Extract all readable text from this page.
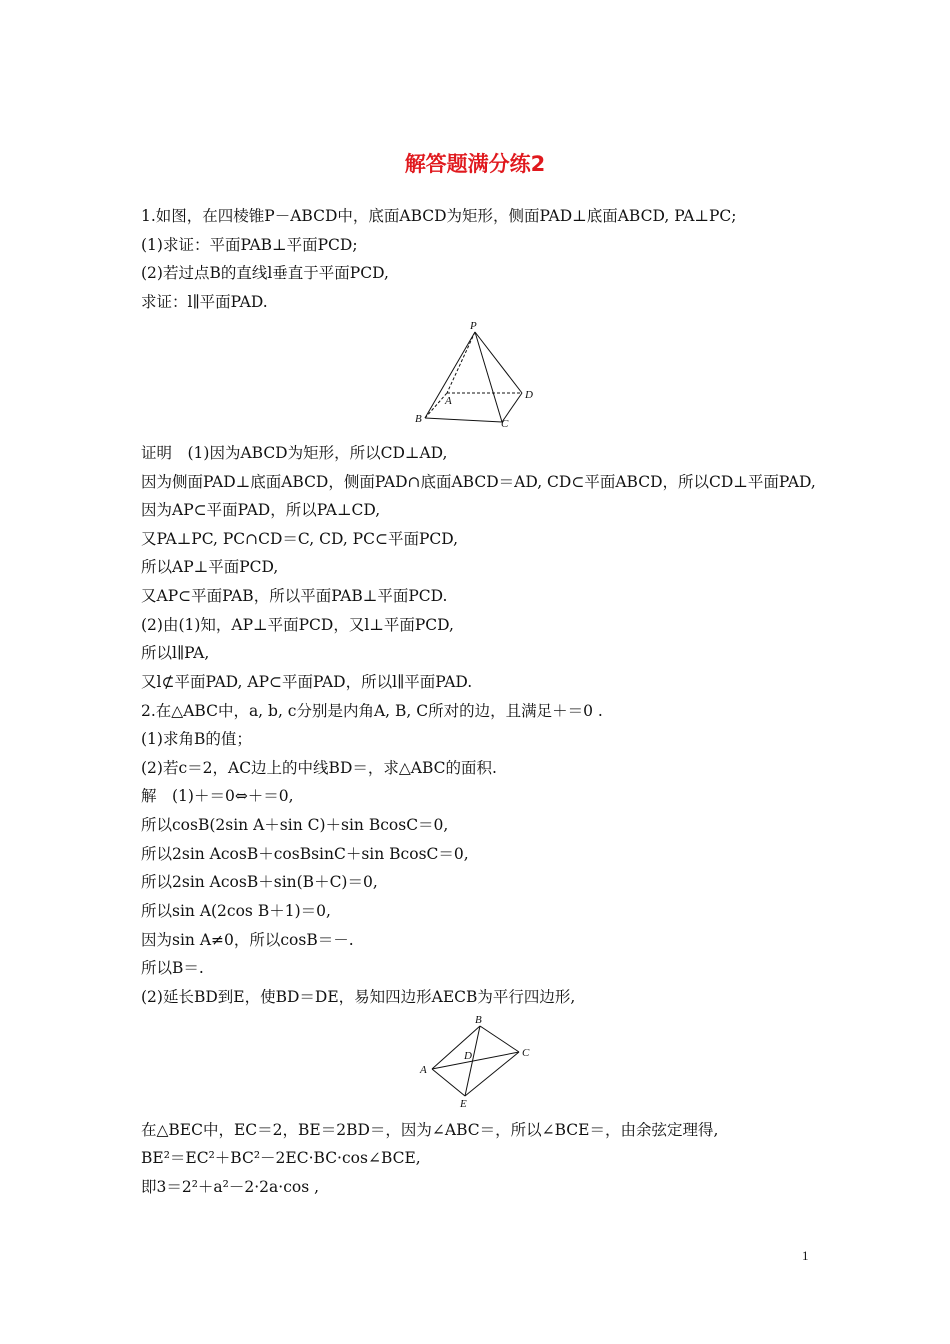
解答题满分练2
1.如图，在四棱锥P－ABCD中，底面ABCD为矩形，侧面PAD⊥底面ABCD, PA⊥PC;
(1)求证：平面PAB⊥平面PCD;
(2)若过点B的直线l垂直于平面PCD,
求证：l∥平面PAD.
P
A
B	C
D
证明　(1)因为ABCD为矩形，所以CD⊥AD,
因为侧面PAD⊥底面ABCD，侧面PAD∩底面ABCD＝AD, CD⊂平面ABCD，所以CD⊥平面PAD,
因为AP⊂平面PAD，所以PA⊥CD,
又PA⊥PC, PC∩CD＝C, CD, PC⊂平面PCD,
所以AP⊥平面PCD,
又AP⊂平面PAB，所以平面PAB⊥平面PCD.
(2)由(1)知，AP⊥平面PCD，又l⊥平面PCD,
所以l∥PA,
又l⊄平面PAD, AP⊂平面PAD，所以l∥平面PAD.
2.在△ABC中，a, b, c分别是内角A, B, C所对的边，且满足＋＝0 .
(1)求角B的值；
(2)若c＝2，AC边上的中线BD＝，求△ABC的面积.
解　(1)＋＝0⇔＋＝0,
所以cosB(2sin A＋sin C)＋sin BcosC＝0,
所以2sin AcosB＋cosBsinC＋sin BcosC＝0,
所以2sin AcosB＋sin(B＋C)＝0,
所以sin A(2cos B＋1)＝0,
因为sin A≠0，所以cosB＝－.
所以B＝.
(2)延长BD到E，使BD＝DE，易知四边形AECB为平行四边形,
B
C
D
A
E
在△BEC中，EC＝2，BE＝2BD＝，因为∠ABC＝，所以∠BCE＝，由余弦定理得,
BE²＝EC²＋BC²－2EC·BC·cos∠BCE,
即3＝2²＋a²－2·2a·cos ,
1
